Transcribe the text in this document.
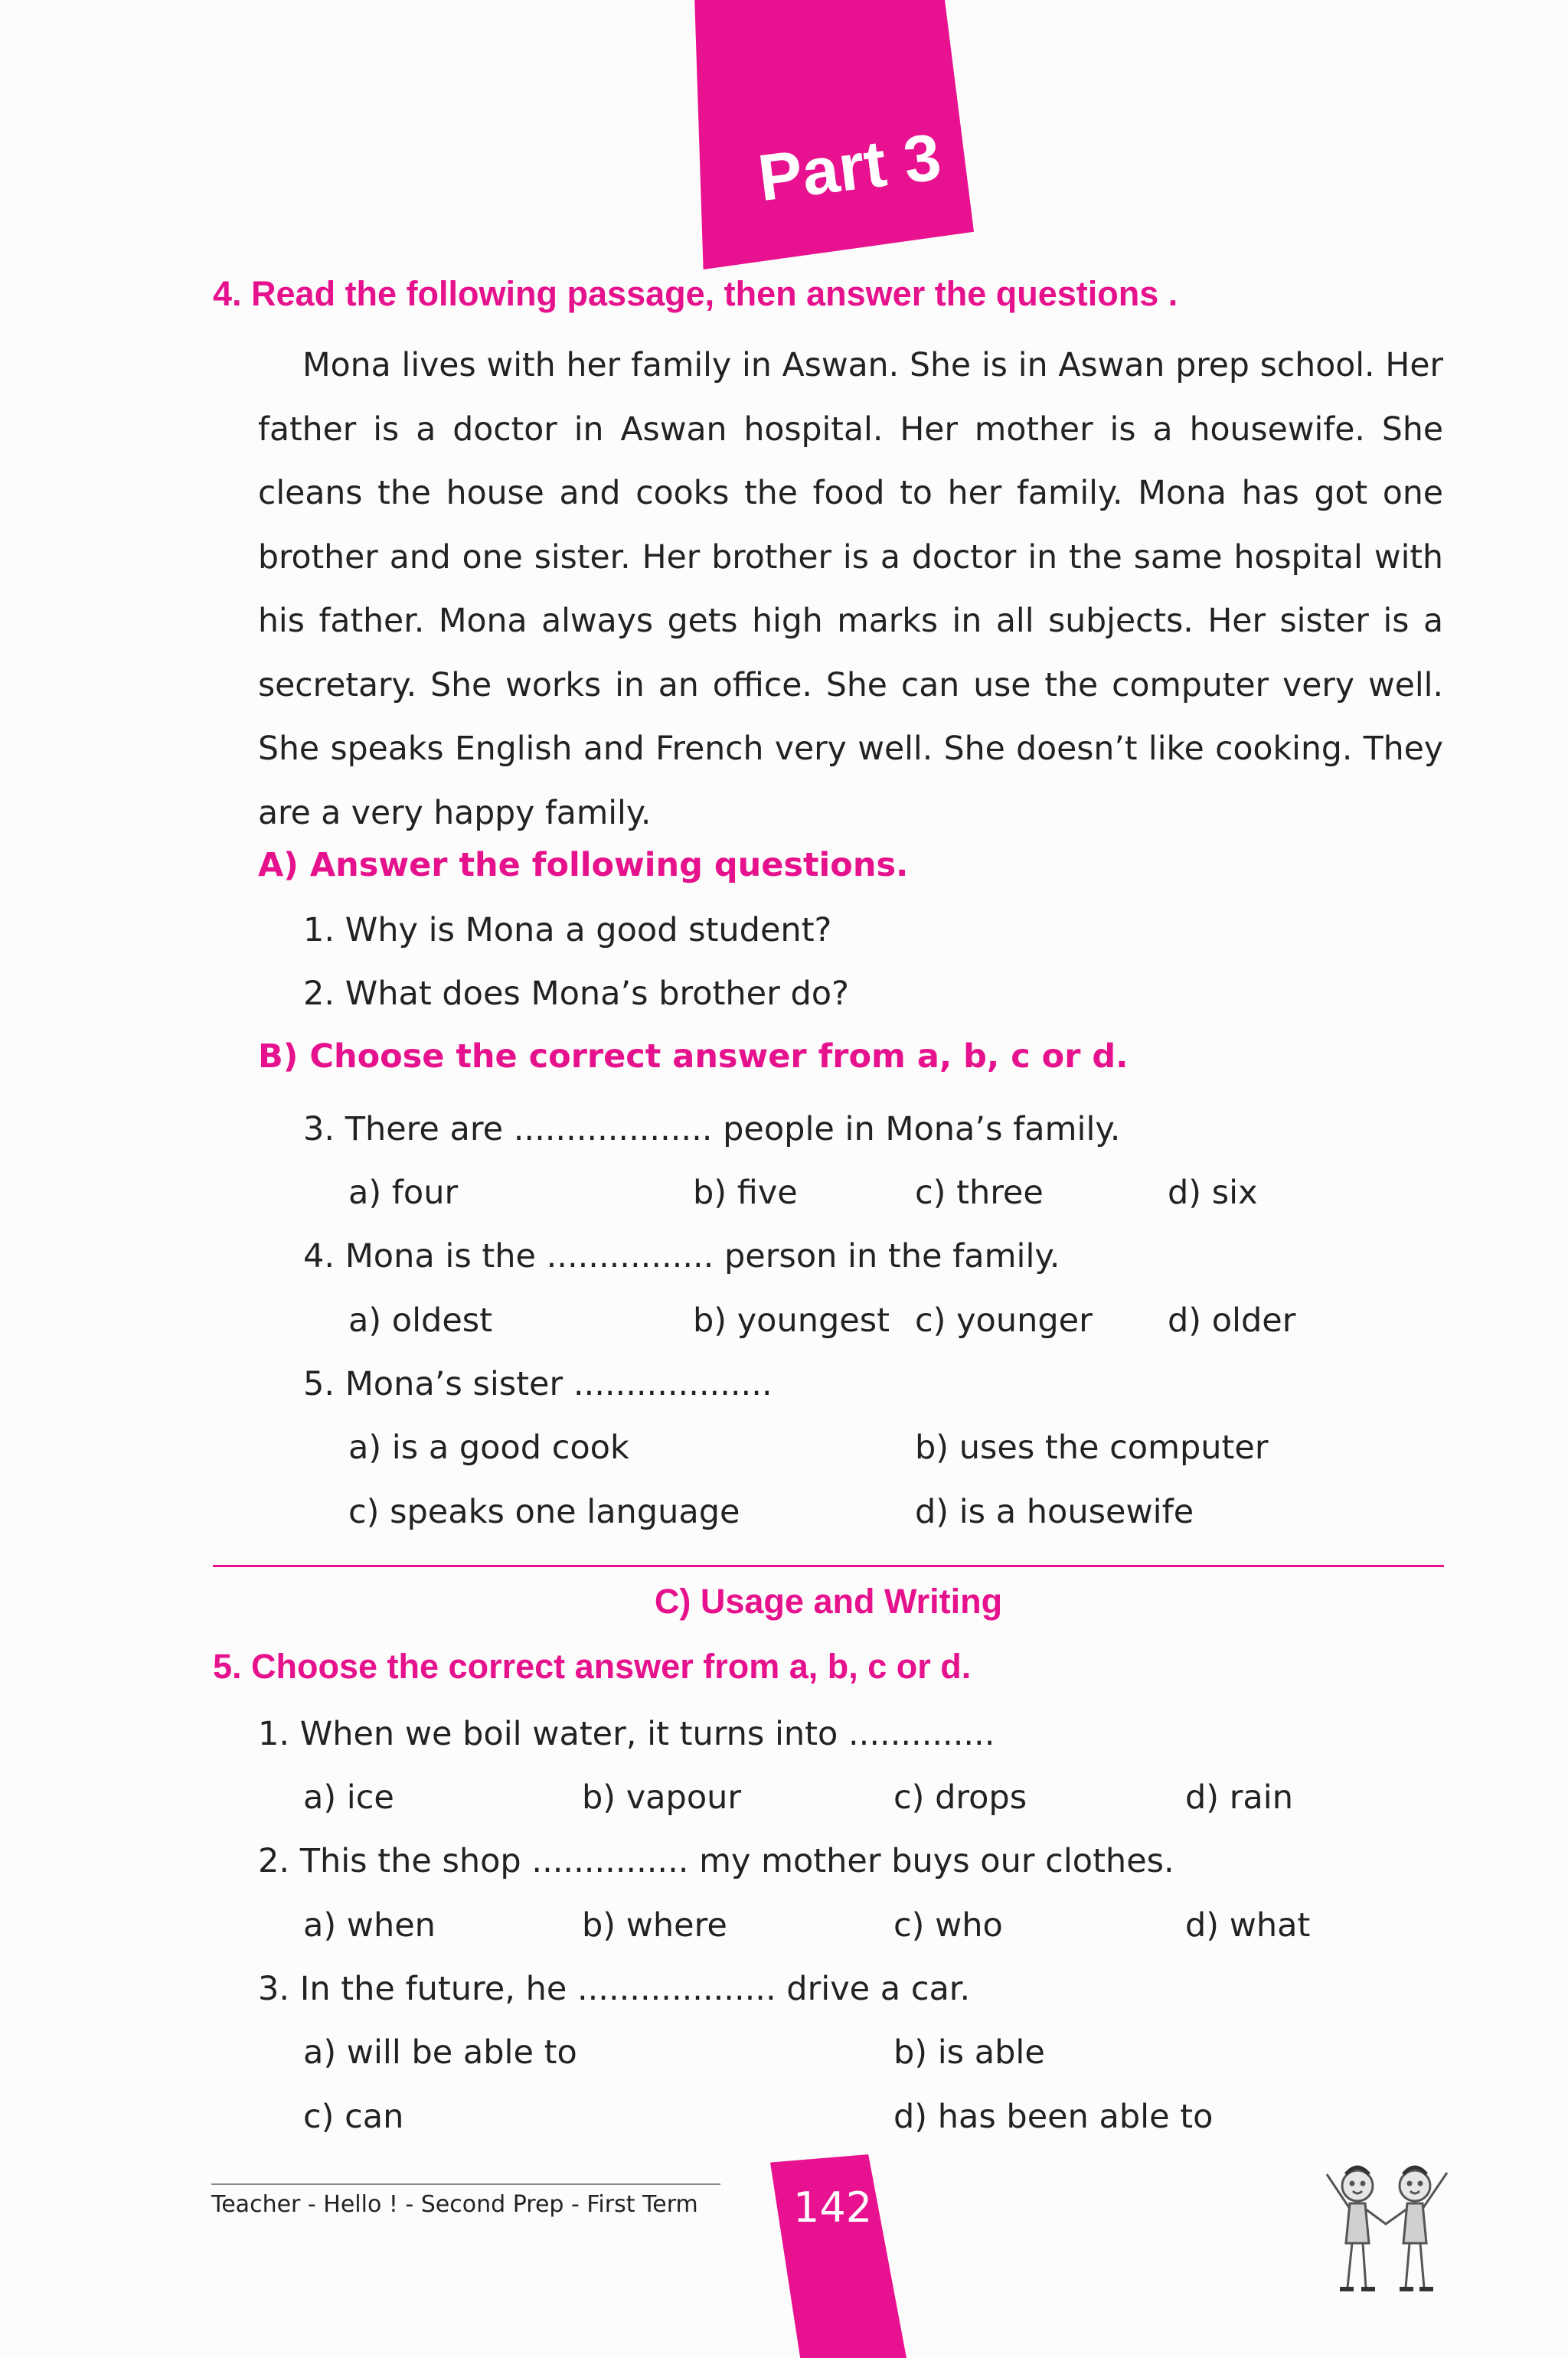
Part 3
4. Read the following passage, then answer the questions .

Mona lives with her family in Aswan. She is in Aswan prep school. Her father is a doctor in Aswan hospital. Her mother is a housewife. She cleans the house and cooks the food to her family. Mona has got one brother and one sister. Her brother is a doctor in the same hospital with his father. Mona always gets high marks in all subjects. Her sister is a secretary. She works in an office. She can use the computer very well. She speaks English and French very well. She doesn’t like cooking. They are a very happy family.

A) Answer the following questions.
1. Why is Mona a good student?
2. What does Mona’s brother do?
B) Choose the correct answer from a, b, c or d.
3. There are ................... people in Mona’s family.
a) four	b) five	c) three	d) six
4. Mona is the ................ person in the family.
a) oldest	b) youngest c) younger d) older
5. Mona’s sister ...................
a) is a good cook	b) uses the computer
c) speaks one language	d) is a housewife
C) Usage and Writing
5. Choose the correct answer from a, b, c or d.
1. When we boil water, it turns into ..............
a) ice	b) vapour	c) drops	d) rain
2. This the shop ............... my mother buys our clothes.
a) when	b) where	c) who	d) what
3. In the future, he ................... drive a car.
a) will be able to	b) is able
c) can	d) has been able to
Teacher - Hello ! - Second Prep - First Term 142
